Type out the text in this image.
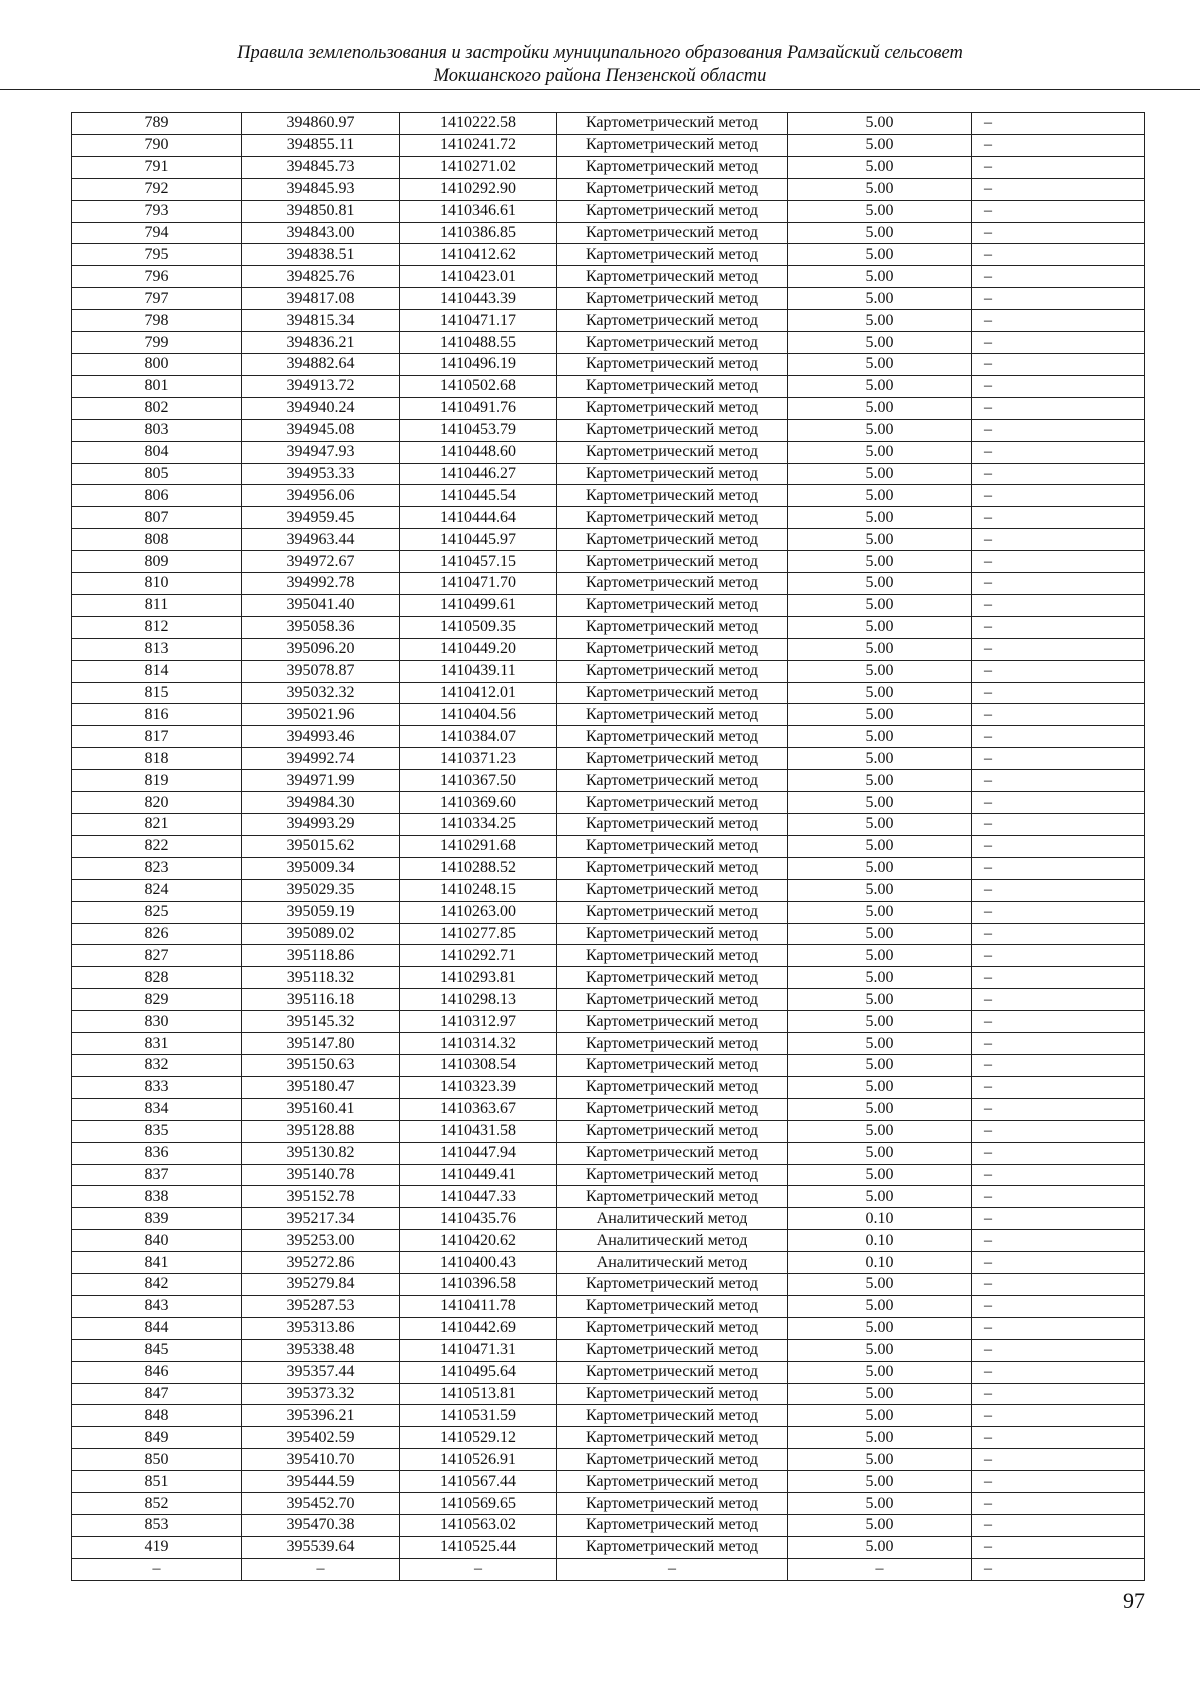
Правила землепользования и застройки муниципального образования Рамзайский сельсовет
Мокшанского района Пензенской области
789	394860.97	1410222.58	Картометрический метод	5.00	–
790	394855.11	1410241.72	Картометрический метод	5.00	–
791	394845.73	1410271.02	Картометрический метод	5.00	–
792	394845.93	1410292.90	Картометрический метод	5.00	–
793	394850.81	1410346.61	Картометрический метод	5.00	–
794	394843.00	1410386.85	Картометрический метод	5.00	–
795	394838.51	1410412.62	Картометрический метод	5.00	–
796	394825.76	1410423.01	Картометрический метод	5.00	–
797	394817.08	1410443.39	Картометрический метод	5.00	–
798	394815.34	1410471.17	Картометрический метод	5.00	–
799	394836.21	1410488.55	Картометрический метод	5.00	–
800	394882.64	1410496.19	Картометрический метод	5.00	–
801	394913.72	1410502.68	Картометрический метод	5.00	–
802	394940.24	1410491.76	Картометрический метод	5.00	–
803	394945.08	1410453.79	Картометрический метод	5.00	–
804	394947.93	1410448.60	Картометрический метод	5.00	–
805	394953.33	1410446.27	Картометрический метод	5.00	–
806	394956.06	1410445.54	Картометрический метод	5.00	–
807	394959.45	1410444.64	Картометрический метод	5.00	–
808	394963.44	1410445.97	Картометрический метод	5.00	–
809	394972.67	1410457.15	Картометрический метод	5.00	–
810	394992.78	1410471.70	Картометрический метод	5.00	–
811	395041.40	1410499.61	Картометрический метод	5.00	–
812	395058.36	1410509.35	Картометрический метод	5.00	–
813	395096.20	1410449.20	Картометрический метод	5.00	–
814	395078.87	1410439.11	Картометрический метод	5.00	–
815	395032.32	1410412.01	Картометрический метод	5.00	–
816	395021.96	1410404.56	Картометрический метод	5.00	–
817	394993.46	1410384.07	Картометрический метод	5.00	–
818	394992.74	1410371.23	Картометрический метод	5.00	–
819	394971.99	1410367.50	Картометрический метод	5.00	–
820	394984.30	1410369.60	Картометрический метод	5.00	–
821	394993.29	1410334.25	Картометрический метод	5.00	–
822	395015.62	1410291.68	Картометрический метод	5.00	–
823	395009.34	1410288.52	Картометрический метод	5.00	–
824	395029.35	1410248.15	Картометрический метод	5.00	–
825	395059.19	1410263.00	Картометрический метод	5.00	–
826	395089.02	1410277.85	Картометрический метод	5.00	–
827	395118.86	1410292.71	Картометрический метод	5.00	–
828	395118.32	1410293.81	Картометрический метод	5.00	–
829	395116.18	1410298.13	Картометрический метод	5.00	–
830	395145.32	1410312.97	Картометрический метод	5.00	–
831	395147.80	1410314.32	Картометрический метод	5.00	–
832	395150.63	1410308.54	Картометрический метод	5.00	–
833	395180.47	1410323.39	Картометрический метод	5.00	–
834	395160.41	1410363.67	Картометрический метод	5.00	–
835	395128.88	1410431.58	Картометрический метод	5.00	–
836	395130.82	1410447.94	Картометрический метод	5.00	–
837	395140.78	1410449.41	Картометрический метод	5.00	–
838	395152.78	1410447.33	Картометрический метод	5.00	–
839	395217.34	1410435.76	Аналитический метод	0.10	–
840	395253.00	1410420.62	Аналитический метод	0.10	–
841	395272.86	1410400.43	Аналитический метод	0.10	–
842	395279.84	1410396.58	Картометрический метод	5.00	–
843	395287.53	1410411.78	Картометрический метод	5.00	–
844	395313.86	1410442.69	Картометрический метод	5.00	–
845	395338.48	1410471.31	Картометрический метод	5.00	–
846	395357.44	1410495.64	Картометрический метод	5.00	–
847	395373.32	1410513.81	Картометрический метод	5.00	–
848	395396.21	1410531.59	Картометрический метод	5.00	–
849	395402.59	1410529.12	Картометрический метод	5.00	–
850	395410.70	1410526.91	Картометрический метод	5.00	–
851	395444.59	1410567.44	Картометрический метод	5.00	–
852	395452.70	1410569.65	Картометрический метод	5.00	–
853	395470.38	1410563.02	Картометрический метод	5.00	–
419	395539.64	1410525.44	Картометрический метод	5.00	–
–	–	–	–	–	–
97
